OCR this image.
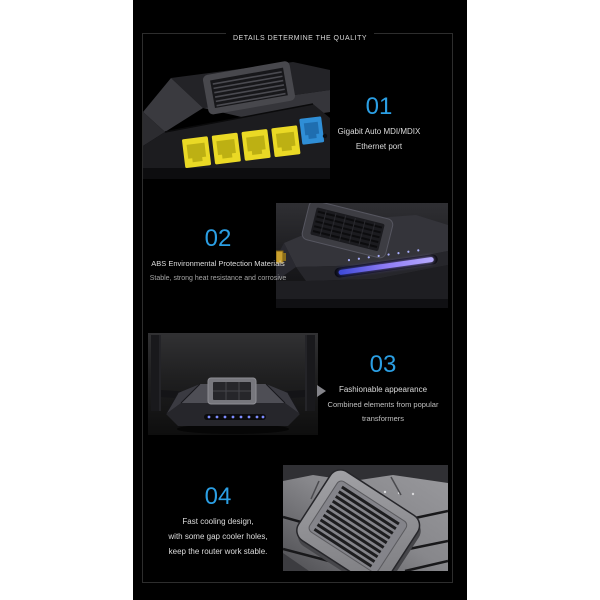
DETAILS DETERMINE THE QUALITY
01
Gigabit Auto MDI/MDIX
Ethernet port
02
ABS Environmental Protection Materials
Stable, strong heat resistance and corrosive
03
Fashionable appearance
Combined elements from popular transformers
04
Fast cooling design,
with some gap cooler holes,
keep the router work stable.
